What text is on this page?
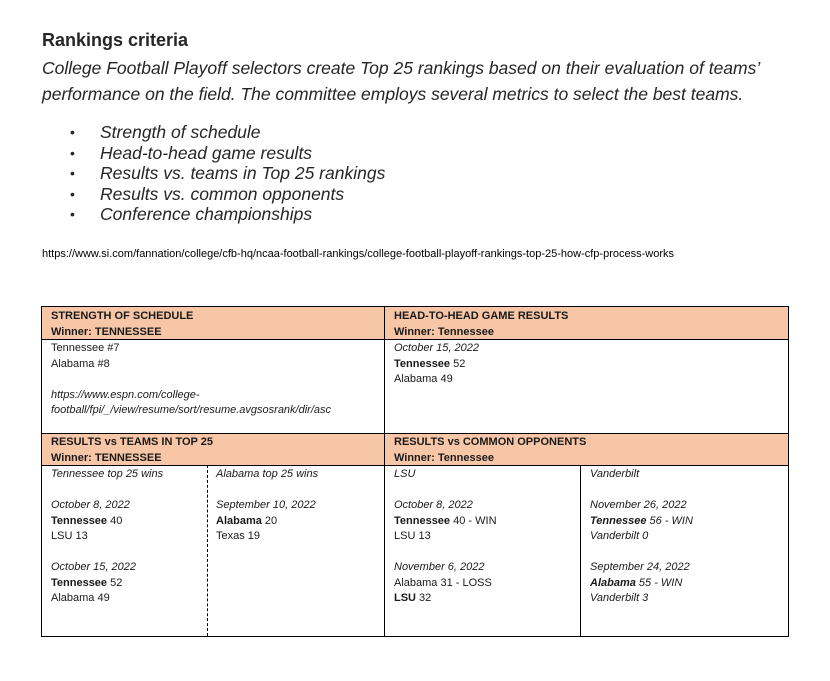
Rankings criteria

College Football Playoff selectors create Top 25 rankings based on their evaluation of teams’ performance on the field. The committee employs several metrics to select the best teams.

• Strength of schedule
• Head-to-head game results
• Results vs. teams in Top 25 rankings
• Results vs. common opponents
• Conference championships
https://www.si.com/fannation/college/cfb-hq/ncaa-football-rankings/college-football-playoff-rankings-top-25-how-cfp-process-works
STRENGTH OF SCHEDULE
Winner: TENNESSEE
HEAD-TO-HEAD GAME RESULTS
Winner: Tennessee
Tennessee #7
Alabama #8
https://www.espn.com/college-
football/fpi/_/view/resume/sort/resume.avgsosrank/dir/asc
October 15, 2022
Tennessee 52
Alabama 49
RESULTS vs TEAMS IN TOP 25
Winner: TENNESSEE
RESULTS vs COMMON OPPONENTS
Winner: Tennessee
Tennessee top 25 wins
October 8, 2022
Tennessee 40
LSU 13
October 15, 2022
Tennessee 52
Alabama 49
Alabama top 25 wins
September 10, 2022
Alabama 20
Texas 19
LSU
October 8, 2022
Tennessee 40 - WIN
LSU 13
November 6, 2022
Alabama 31 - LOSS
LSU 32
Vanderbilt
November 26, 2022
Tennessee 56 - WIN
Vanderbilt 0
September 24, 2022
Alabama 55 - WIN
Vanderbilt 3
